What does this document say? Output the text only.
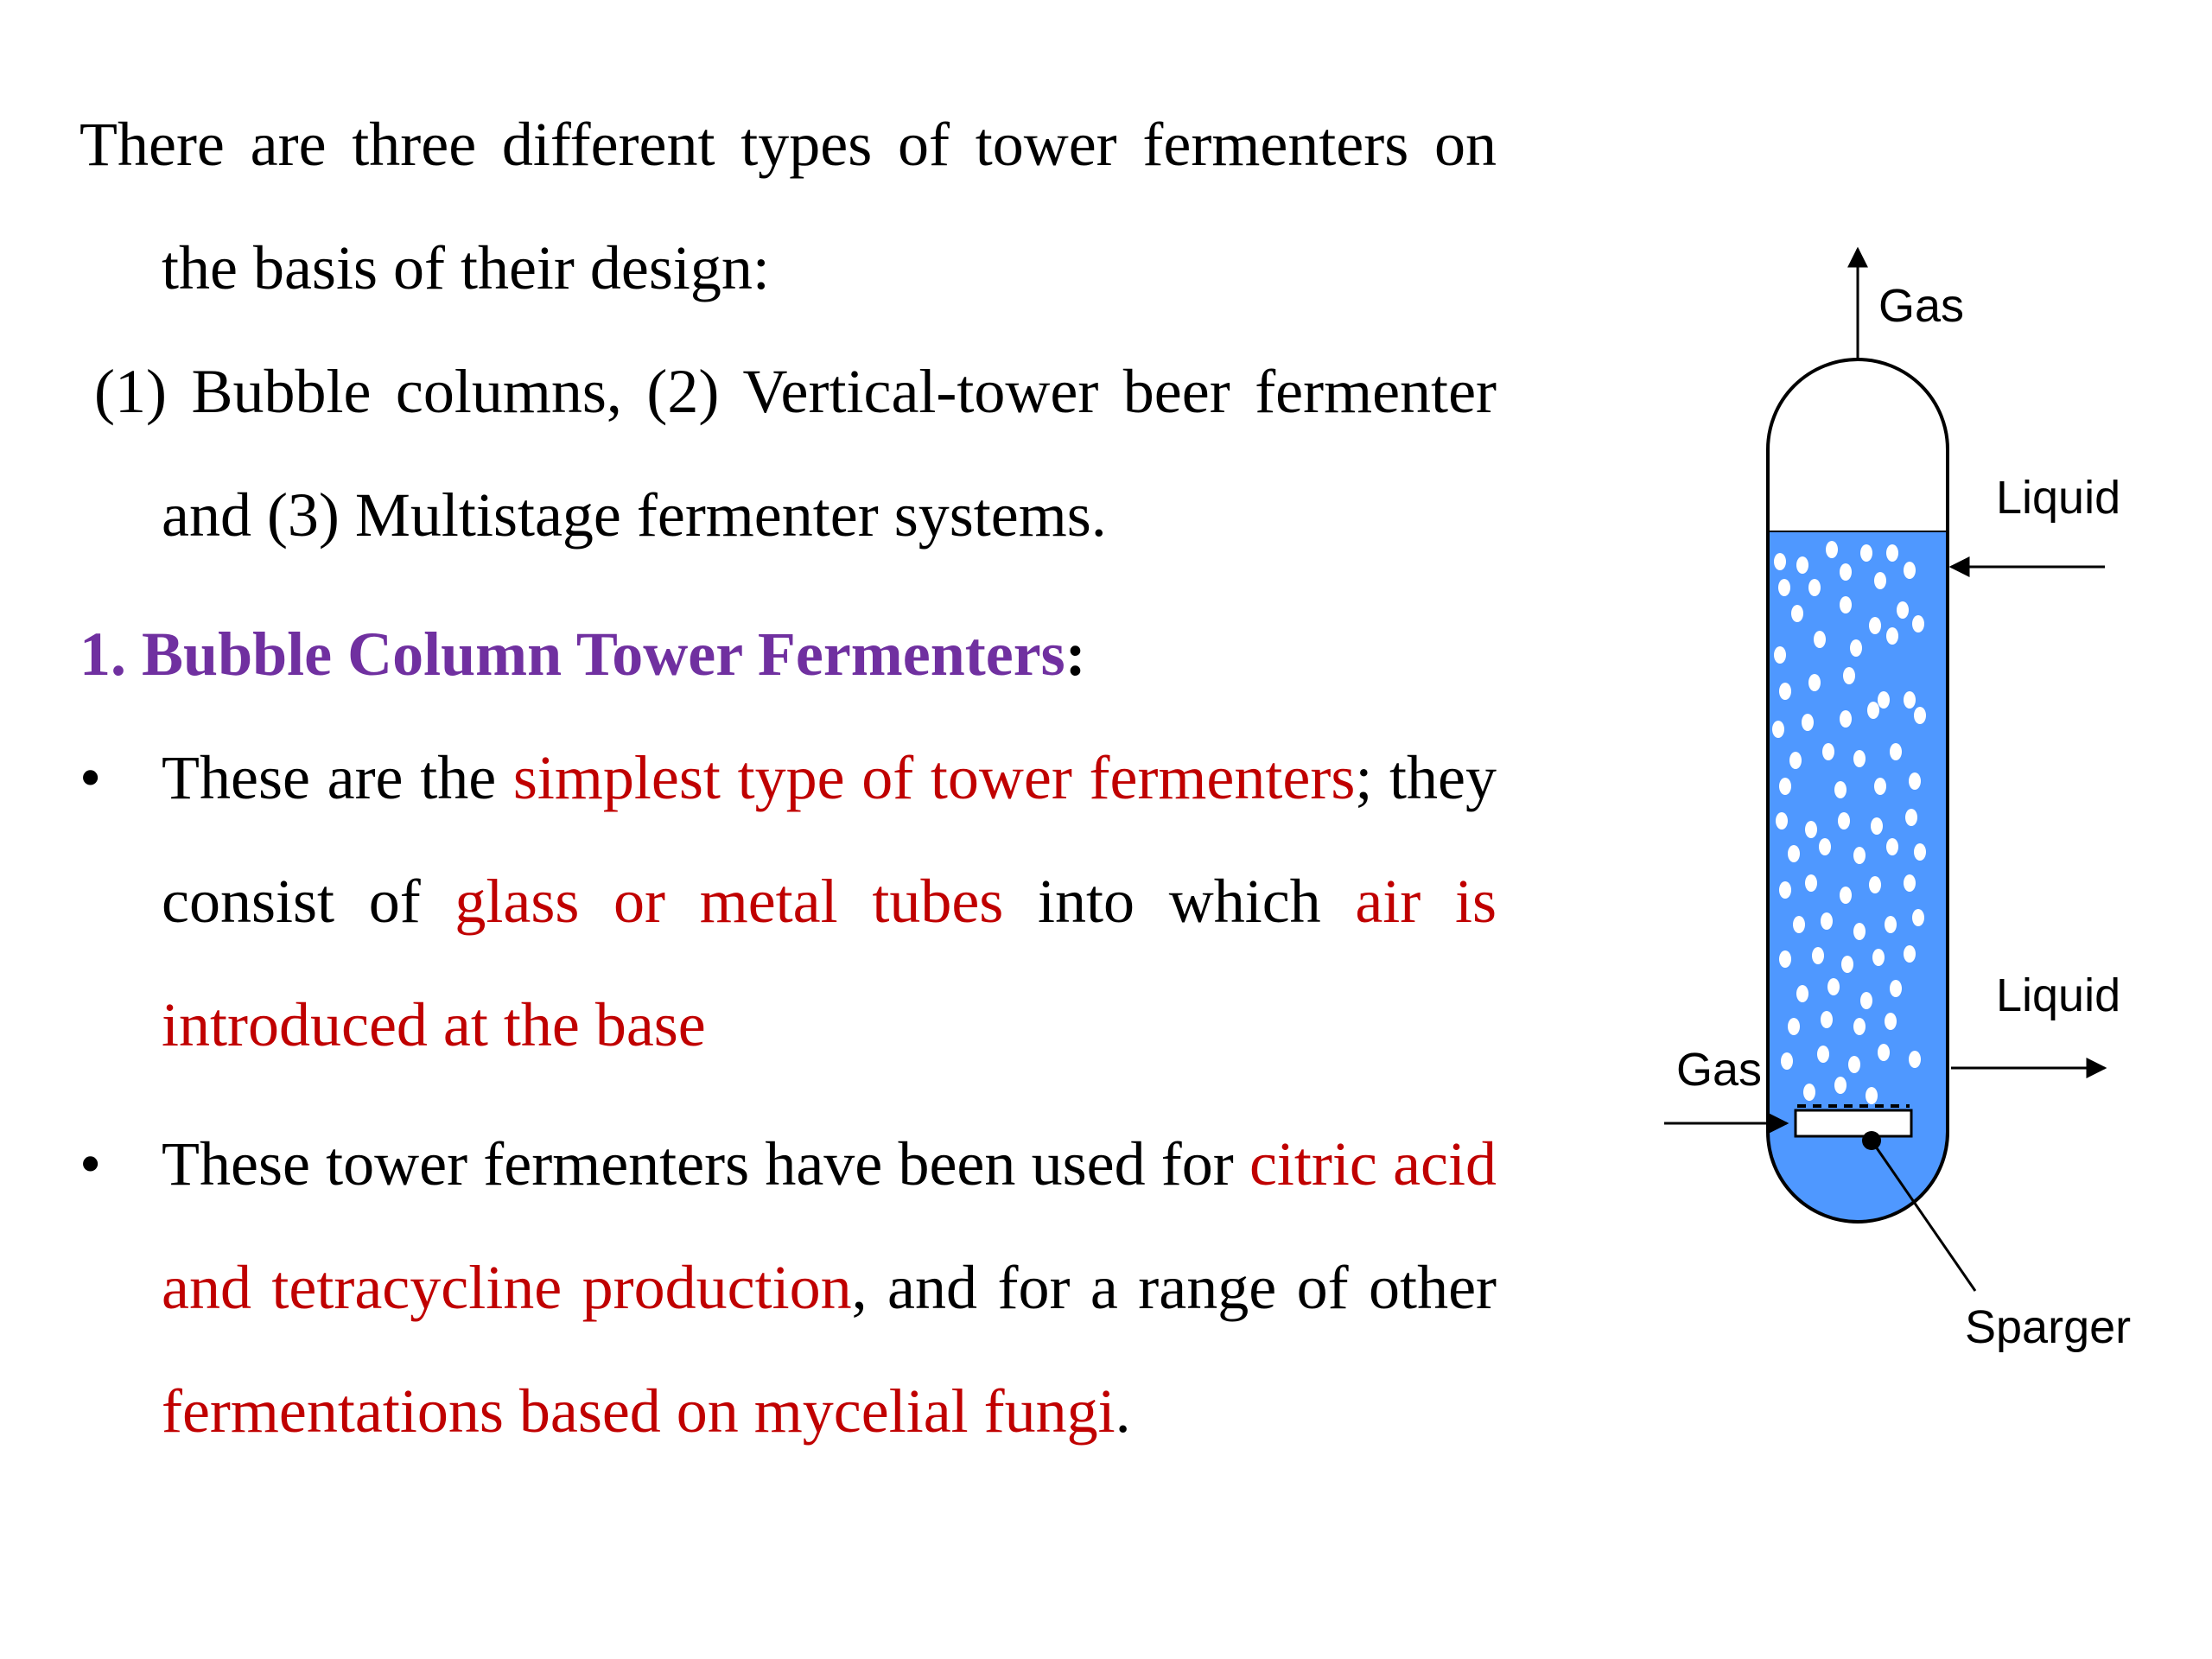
There are three different types of tower fermenters on the basis of their design:

(1) Bubble columns, (2) Vertical-tower beer fermenter and (3) Multistage fermenter systems.

1. Bubble Column Tower Fermenters:

• These are the simplest type of tower fermenters; they consist of glass or metal tubes into which air is introduced at the base
• These tower fermenters have been used for citric acid and tetracycline production, and for a range of other fermentations based on mycelial fungi.
Gas
Liquid
Liquid
Gas
Sparger
